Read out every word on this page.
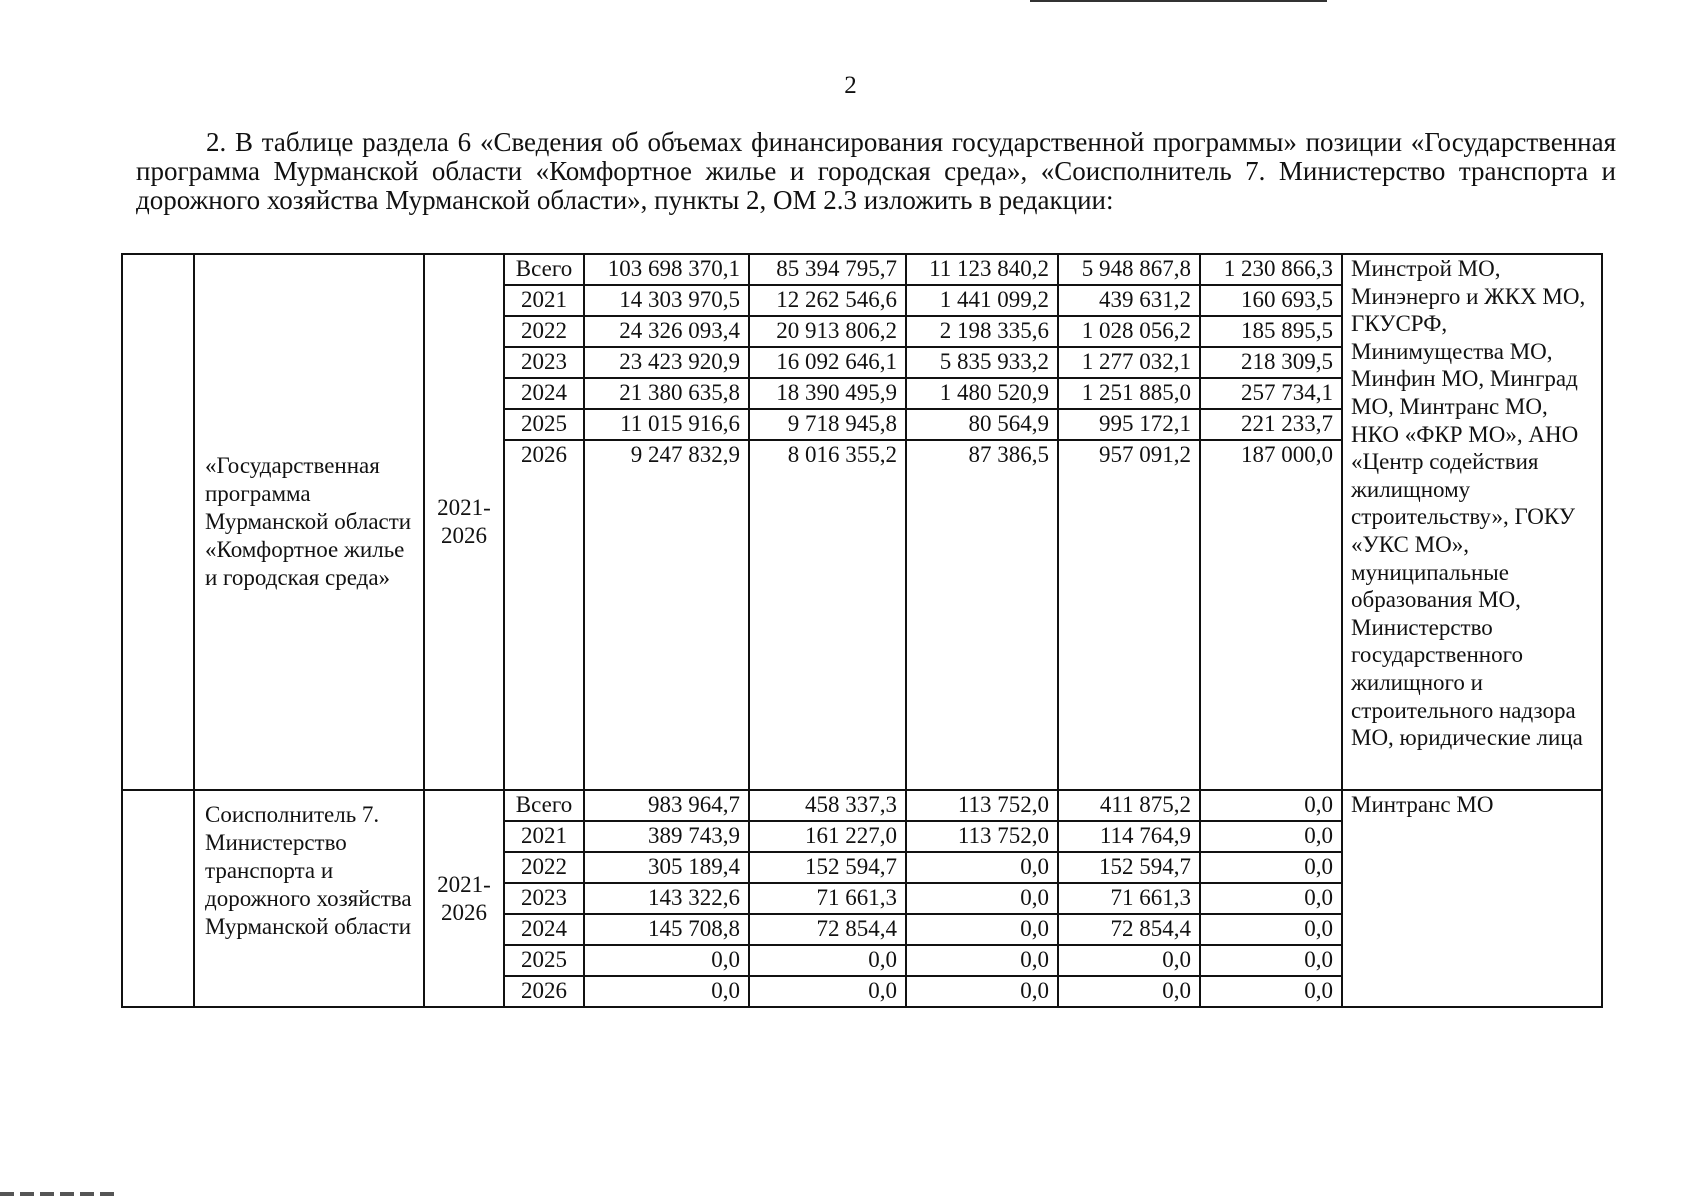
2
2. В таблице раздела 6 «Сведения об объемах финансирования государственной программы» позиции «Государственная программа Мурманской области «Комфортное жилье и городская среда», «Соисполнитель 7. Министерство транспорта и дорожного хозяйства Мурманской области», пункты 2, ОМ 2.3 изложить в редакции:
	«Государственная программа Мурманской области «Комфортное жилье и городская среда»	2021-2026	Всего	103 698 370,1	85 394 795,7	11 123 840,2	5 948 867,8	1 230 866,3	Минстрой МО, Минэнерго и ЖКХ МО, ГКУСРФ, Минимущества МО, Минфин МО, Минград МО, Минтранс МО, НКО «ФКР МО», АНО «Центр содействия жилищному строительству», ГОКУ «УКС МО», муниципальные образования МО, Министерство государственного жилищного и строительного надзора МО, юридические лица
			2021	14 303 970,5	12 262 546,6	1 441 099,2	439 631,2	160 693,5	
			2022	24 326 093,4	20 913 806,2	2 198 335,6	1 028 056,2	185 895,5	
			2023	23 423 920,9	16 092 646,1	5 835 933,2	1 277 032,1	218 309,5	
			2024	21 380 635,8	18 390 495,9	1 480 520,9	1 251 885,0	257 734,1	
			2025	11 015 916,6	9 718 945,8	80 564,9	995 172,1	221 233,7	
			2026	9 247 832,9	8 016 355,2	87 386,5	957 091,2	187 000,0	
	Соисполнитель 7. Министерство транспорта и дорожного хозяйства Мурманской области	2021-2026	Всего	983 964,7	458 337,3	113 752,0	411 875,2	0,0	Минтранс МО
			2021	389 743,9	161 227,0	113 752,0	114 764,9	0,0	
			2022	305 189,4	152 594,7	0,0	152 594,7	0,0	
			2023	143 322,6	71 661,3	0,0	71 661,3	0,0	
			2024	145 708,8	72 854,4	0,0	72 854,4	0,0	
			2025	0,0	0,0	0,0	0,0	0,0	
			2026	0,0	0,0	0,0	0,0	0,0	
